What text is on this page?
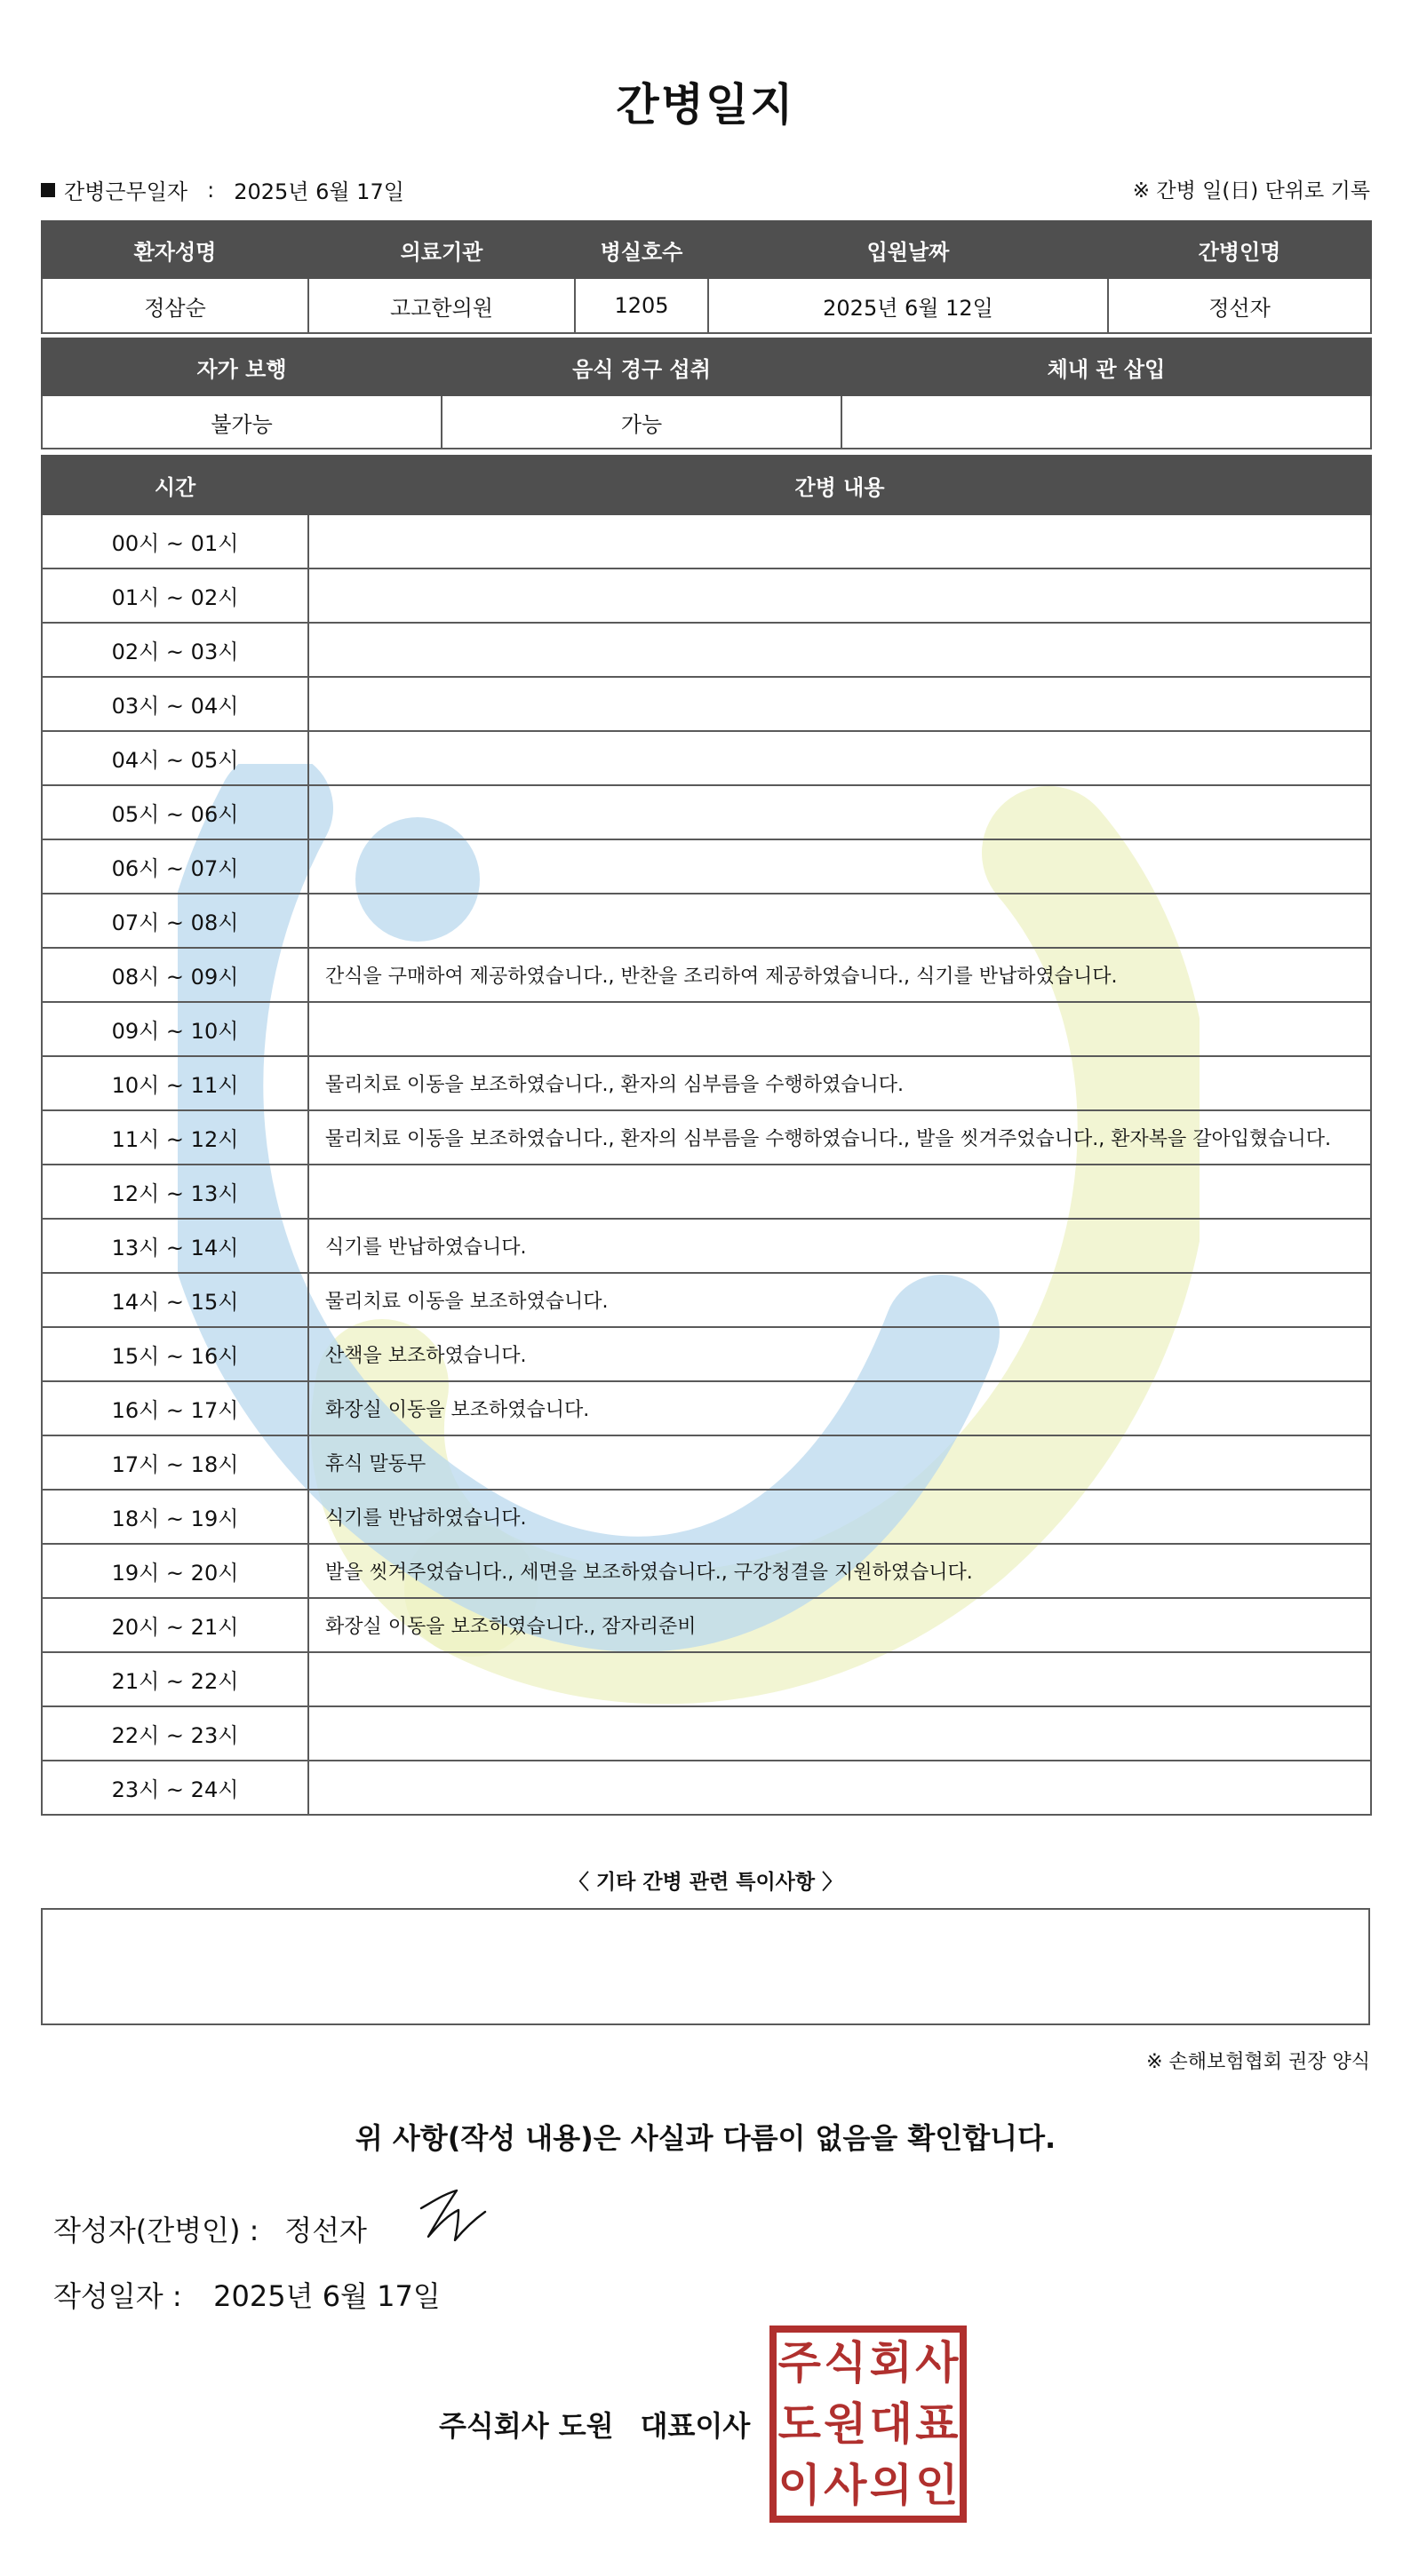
간병일지
간병근무일자 : 2025년 6월 17일	※ 간병 일(日) 단위로 기록
환자성명	의료기관	병실호수	입원날짜	간병인명
정삼순	고고한의원	1205	2025년 6월 12일	정선자
자가 보행	음식 경구 섭취	체내 관 삽입
불가능	가능	
시간	간병 내용
00시 ~ 01시	
01시 ~ 02시	
02시 ~ 03시	
03시 ~ 04시	
04시 ~ 05시	
05시 ~ 06시	
06시 ~ 07시	
07시 ~ 08시	
08시 ~ 09시	간식을 구매하여 제공하였습니다., 반찬을 조리하여 제공하였습니다., 식기를 반납하였습니다.
09시 ~ 10시	
10시 ~ 11시	물리치료 이동을 보조하였습니다., 환자의 심부름을 수행하였습니다.
11시 ~ 12시	물리치료 이동을 보조하였습니다., 환자의 심부름을 수행하였습니다., 발을 씻겨주었습니다., 환자복을 갈아입혔습니다.
12시 ~ 13시	
13시 ~ 14시	식기를 반납하였습니다.
14시 ~ 15시	물리치료 이동을 보조하였습니다.
15시 ~ 16시	산책을 보조하였습니다.
16시 ~ 17시	화장실 이동을 보조하였습니다.
17시 ~ 18시	휴식 말동무
18시 ~ 19시	식기를 반납하였습니다.
19시 ~ 20시	발을 씻겨주었습니다., 세면을 보조하였습니다., 구강청결을 지원하였습니다.
20시 ~ 21시	화장실 이동을 보조하였습니다., 잠자리준비
21시 ~ 22시	
22시 ~ 23시	
23시 ~ 24시	
〈 기타 간병 관련 특이사항 〉
※ 손해보험협회 권장 양식
위 사항(작성 내용)은 사실과 다름이 없음을 확인합니다.
작성자(간병인) : 정선자
작성일자 : 2025년 6월 17일
주식회사 도원 대표이사
주 식 회 사
도 원 대 표
이 사 의 인
